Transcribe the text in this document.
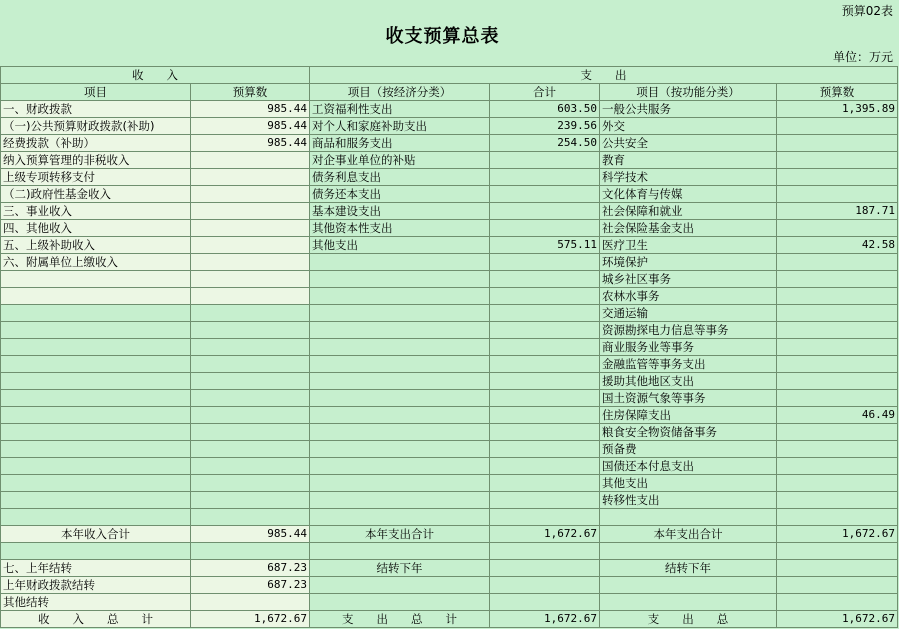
预算02表
收支预算总表
单位：万元
收　　入		支　　出			
项目	预算数	项目（按经济分类）	合计	项目（按功能分类）	预算数
一、财政拨款	985.44	工资福利性支出	603.50	一般公共服务	1,395.89
（一)公共预算财政拨款(补助)	985.44	对个人和家庭补助支出	239.56	外交	
经费拨款（补助）	985.44	商品和服务支出	254.50	公共安全	
纳入预算管理的非税收入		对企事业单位的补贴		教育	
上级专项转移支付		债务利息支出		科学技术	
（二)政府性基金收入		债务还本支出		文化体育与传媒	
三、事业收入		基本建设支出		社会保障和就业	187.71
四、其他收入		其他资本性支出		社会保险基金支出	
五、上级补助收入		其他支出	575.11	医疗卫生	42.58
六、附属单位上缴收入				环境保护	
				城乡社区事务	
				农林水事务	
				交通运输	
				资源勘探电力信息等事务	
				商业服务业等事务	
				金融监管等事务支出	
				援助其他地区支出	
				国土资源气象等事务	
				住房保障支出	46.49
				粮食安全物资储备事务	
				预备费	
				国债还本付息支出	
				其他支出	
				转移性支出	

本年收入合计	985.44	本年支出合计	1,672.67	本年支出合计	1,672.67

七、上年结转	687.23	结转下年		结转下年	
上年财政拨款结转	687.23				
其他结转					
收　　入　　总　　计	1,672.67	支　　出　　总　　计	1,672.67	支　　出　　总	1,672.67
